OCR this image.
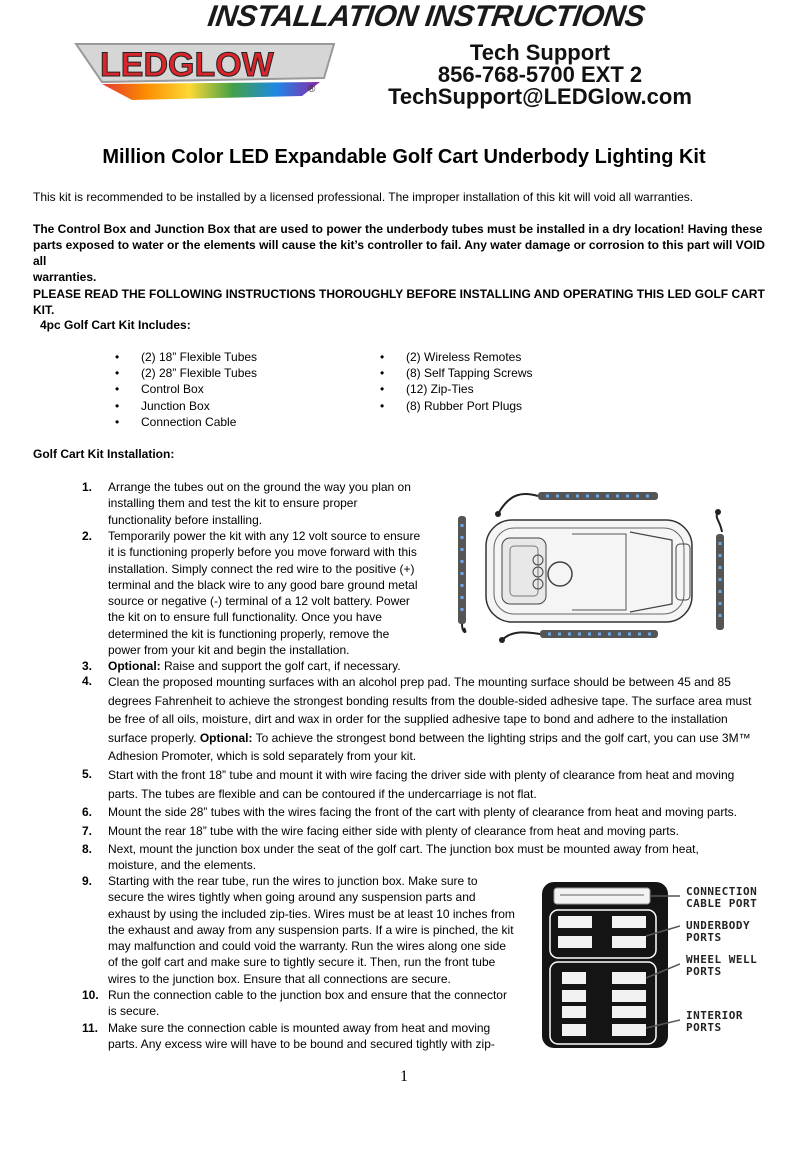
INSTALLATION INSTRUCTIONS
LEDGLOW
®
Tech Support
856-768-5700 EXT 2
TechSupport@LEDGlow.com
Million Color LED Expandable Golf Cart Underbody Lighting Kit
This kit is recommended to be installed by a licensed professional. The improper installation of this kit will void all warranties.
The Control Box and Junction Box that are used to power the underbody tubes must be installed in a dry location! Having these
parts exposed to water or the elements will cause the kit’s controller to fail. Any water damage or corrosion to this part will VOID all
warranties.
PLEASE READ THE FOLLOWING INSTRUCTIONS THOROUGHLY BEFORE INSTALLING AND OPERATING THIS LED GOLF CART KIT.
4pc Golf Cart Kit Includes:
• (2) 18” Flexible Tubes
• (2) 28” Flexible Tubes
• Control Box
• Junction Box
• Connection Cable
• (2) Wireless Remotes
• (8) Self Tapping Screws
• (12) Zip-Ties
• (8) Rubber Port Plugs
Golf Cart Kit Installation:
1. Arrange the tubes out on the ground the way you plan on
installing them and test the kit to ensure proper
functionality before installing.
2. Temporarily power the kit with any 12 volt source to ensure
it is functioning properly before you move forward with this
installation. Simply connect the red wire to the positive (+)
terminal and the black wire to any good bare ground metal
source or negative (-) terminal of a 12 volt battery. Power
the kit on to ensure full functionality. Once you have
determined the kit is functioning properly, remove the
power from your kit and begin the installation.
3. Optional: Raise and support the golf cart, if necessary.
4. Clean the proposed mounting surfaces with an alcohol prep pad. The mounting surface should be between 45 and 85
degrees Fahrenheit to achieve the strongest bonding results from the double-sided adhesive tape. The surface area must
be free of all oils, moisture, dirt and wax in order for the supplied adhesive tape to bond and adhere to the installation
surface properly. Optional: To achieve the strongest bond between the lighting strips and the golf cart, you can use 3M™
Adhesion Promoter, which is sold separately from your kit.
5. Start with the front 18” tube and mount it with wire facing the driver side with plenty of clearance from heat and moving
parts. The tubes are flexible and can be contoured if the undercarriage is not flat.
6. Mount the side 28” tubes with the wires facing the front of the cart with plenty of clearance from heat and moving parts.
7. Mount the rear 18” tube with the wire facing either side with plenty of clearance from heat and moving parts.
8. Next, mount the junction box under the seat of the golf cart. The junction box must be mounted away from heat,
moisture, and the elements.
9. Starting with the rear tube, run the wires to junction box. Make sure to
secure the wires tightly when going around any suspension parts and
exhaust by using the included zip-ties. Wires must be at least 10 inches from
the exhaust and away from any suspension parts. If a wire is pinched, the kit
may malfunction and could void the warranty. Run the wires along one side
of the golf cart and make sure to tightly secure it. Then, run the front tube
wires to the junction box. Ensure that all connections are secure.
10. Run the connection cable to the junction box and ensure that the connector
is secure.
11. Make sure the connection cable is mounted away from heat and moving
parts. Any excess wire will have to be bound and secured tightly with zip-
CONNECTION
CABLE PORT
UNDERBODY
PORTS
WHEEL WELL
PORTS
INTERIOR
PORTS
1
